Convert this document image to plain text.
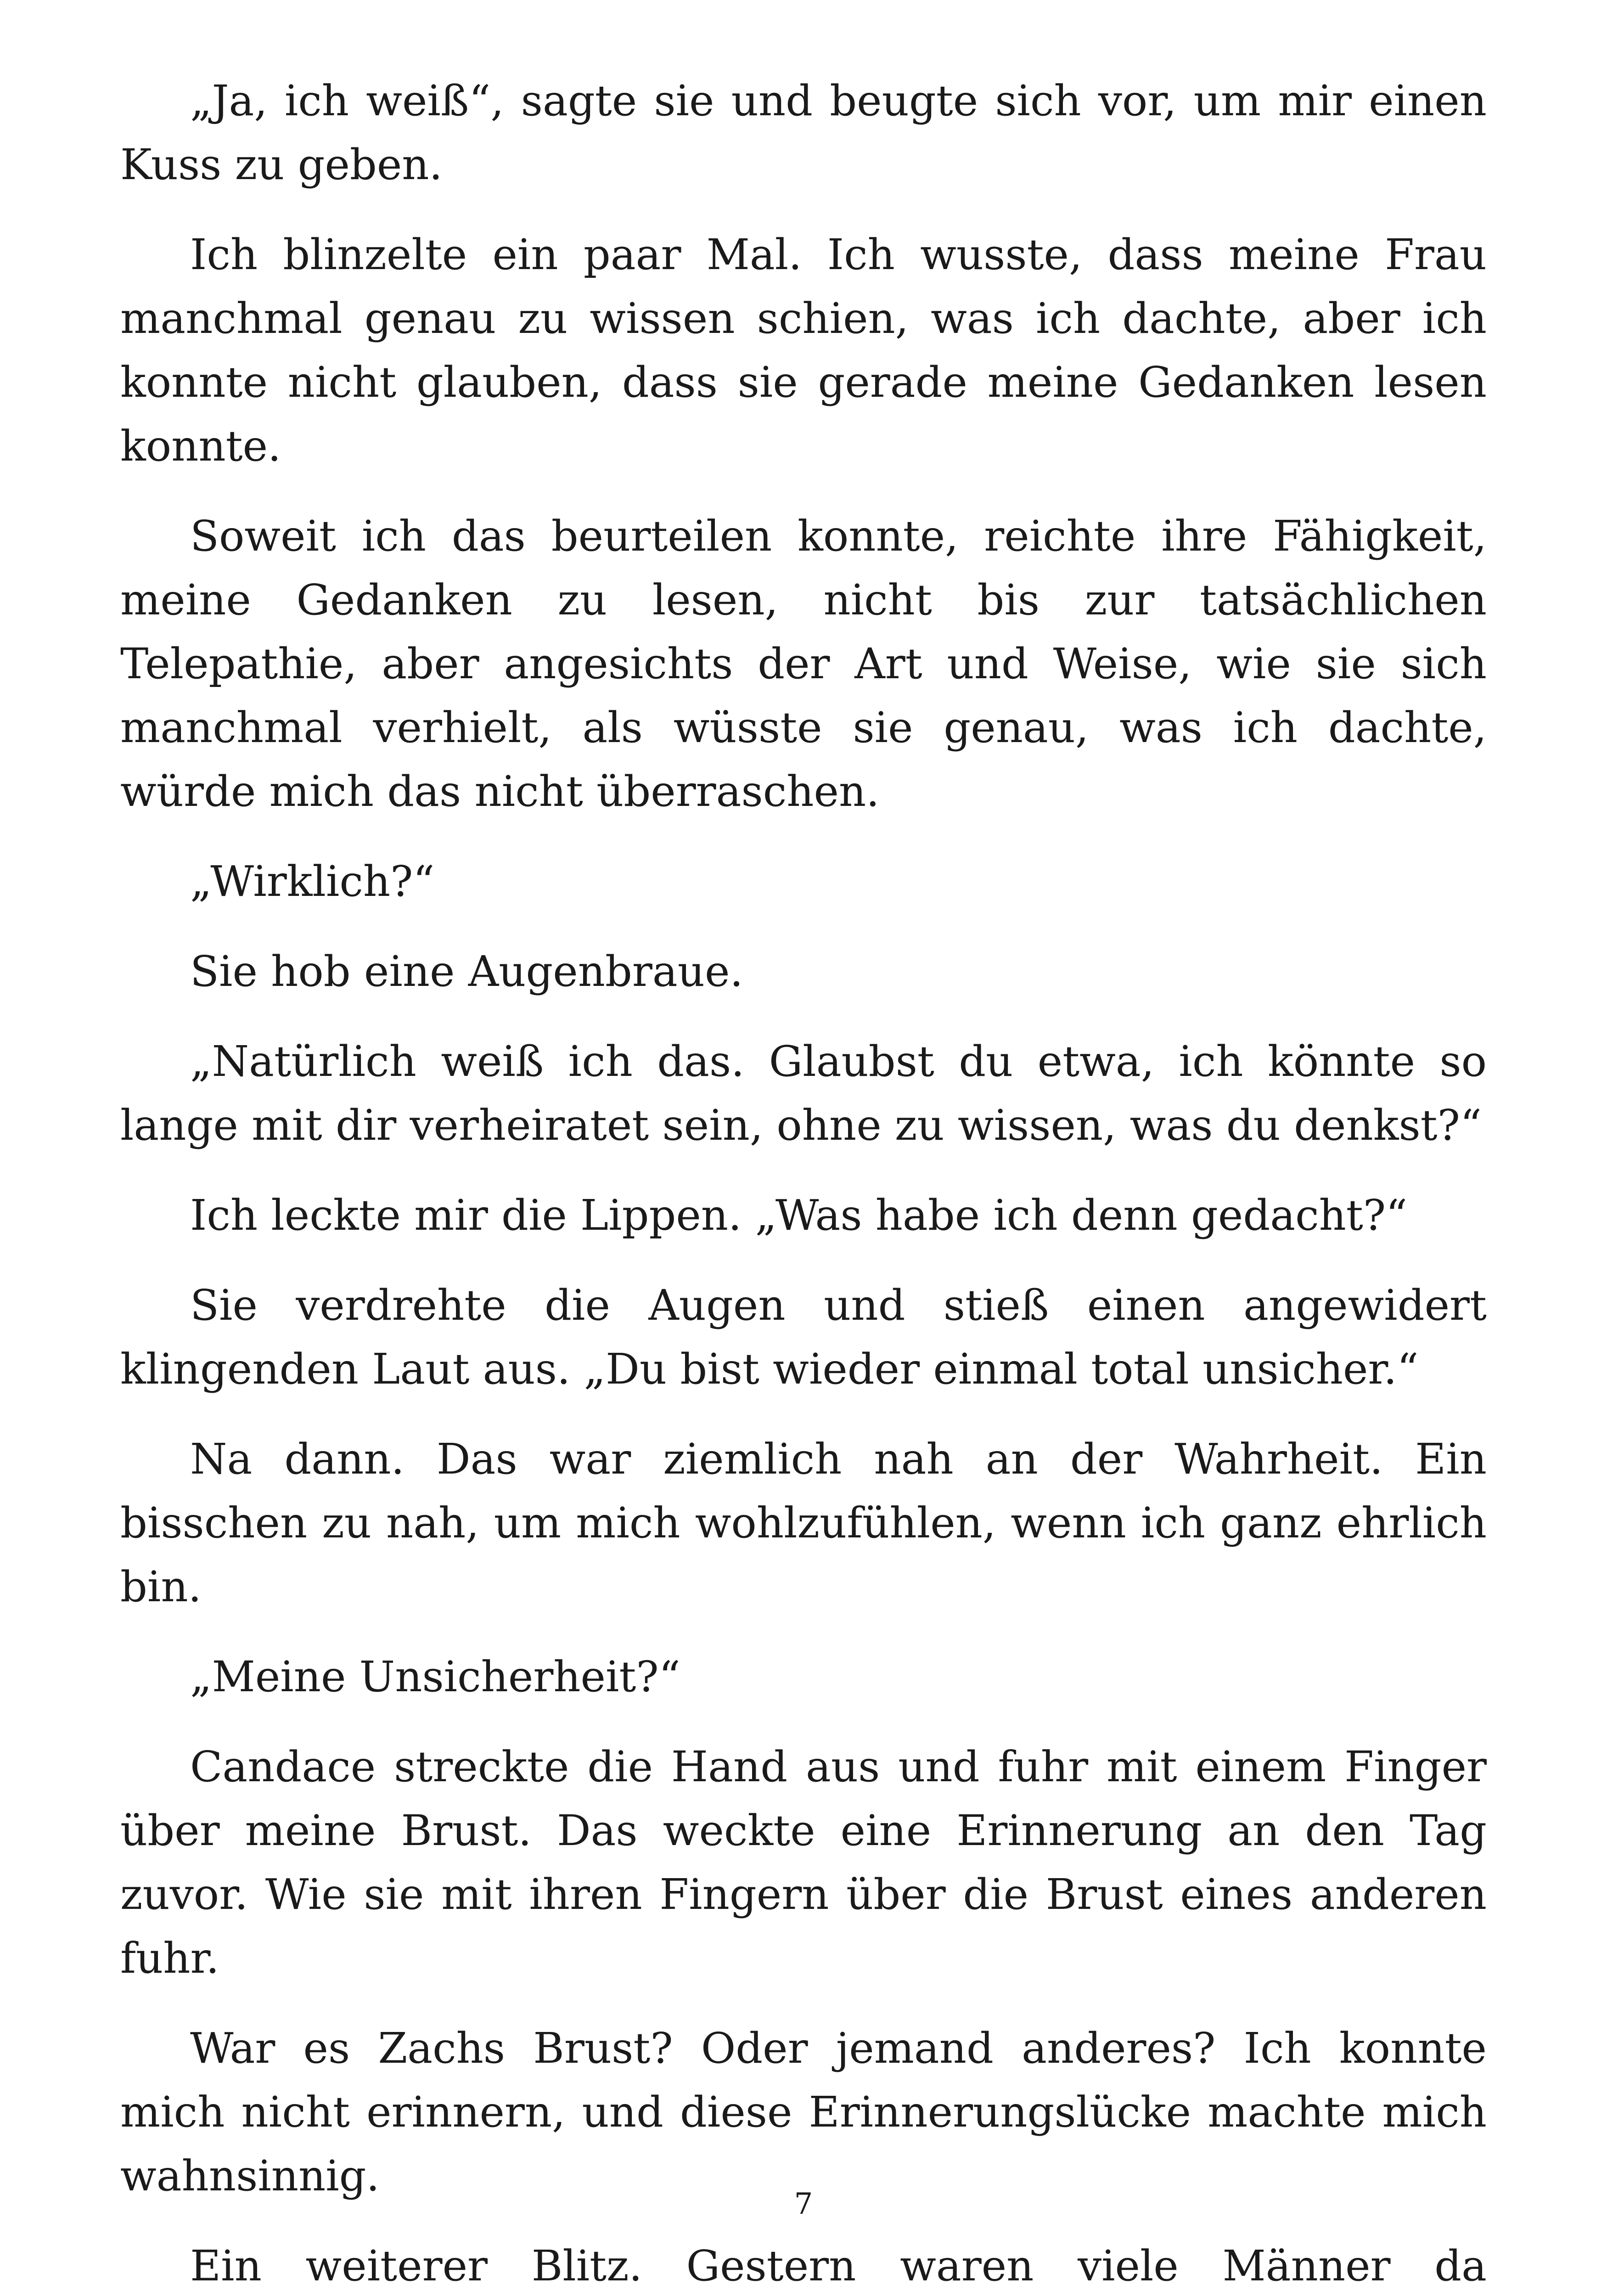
„Ja, ich weiß“, sagte sie und beugte sich vor, um mir einen Kuss zu geben.

Ich blinzelte ein paar Mal. Ich wusste, dass meine Frau manchmal genau zu wissen schien, was ich dachte, aber ich konnte nicht glauben, dass sie gerade meine Gedanken lesen konnte.

Soweit ich das beurteilen konnte, reichte ihre Fähigkeit, meine Gedanken zu lesen, nicht bis zur tatsächlichen Telepathie, aber angesichts der Art und Weise, wie sie sich manchmal verhielt, als wüsste sie genau, was ich dachte, würde mich das nicht überraschen.

„Wirklich?“

Sie hob eine Augenbraue.

„Natürlich weiß ich das. Glaubst du etwa, ich könnte so lange mit dir verheiratet sein, ohne zu wissen, was du denkst?“

Ich leckte mir die Lippen. „Was habe ich denn gedacht?“

Sie verdrehte die Augen und stieß einen angewidert klingenden Laut aus. „Du bist wieder einmal total unsicher.“

Na dann. Das war ziemlich nah an der Wahrheit. Ein bisschen zu nah, um mich wohlzufühlen, wenn ich ganz ehrlich bin.

„Meine Unsicherheit?“

Candace streckte die Hand aus und fuhr mit einem Finger über meine Brust. Das weckte eine Erinnerung an den Tag zuvor. Wie sie mit ihren Fingern über die Brust eines anderen fuhr.

War es Zachs Brust? Oder jemand anderes? Ich konnte mich nicht erinnern, und diese Erinnerungslücke machte mich wahnsinnig.

Ein weiterer Blitz. Gestern waren viele Männer da

7
